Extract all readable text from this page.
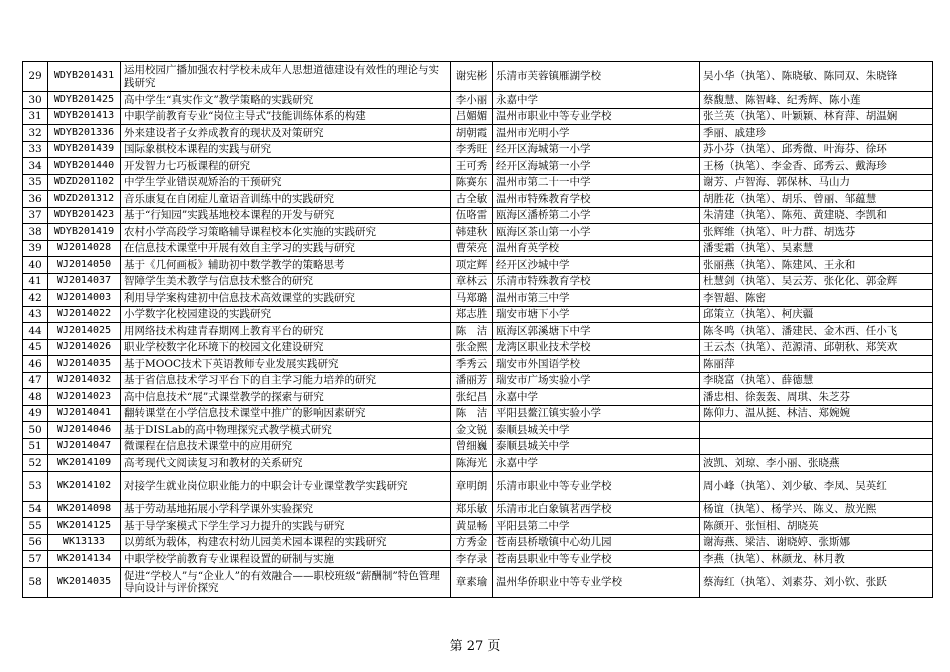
29	WDYB201431	运用校园广播加强农村学校未成年人思想道德建设有效性的理论与实践研究	谢宪彬	乐清市芙蓉镇雁湖学校	吴小华（执笔）、陈晓敏、陈同双、朱晓锋
30	WDYB201425	高中学生“真实作文”教学策略的实践研究	李小丽	永嘉中学	蔡馥慧、陈智峰、纪秀辉、陈小莲
31	WDYB201413	中职学前教育专业“岗位主导式”技能训练体系的构建	吕媚媚	温州市职业中等专业学校	张兰英（执笔）、叶颖颖、林育萍、胡温娴
32	WDYB201336	外来建设者子女养成教育的现状及对策研究	胡朝霞	温州市光明小学	季丽、戚建珍
33	WDYB201439	国际象棋校本课程的实践与研究	李秀旺	经开区海城第一小学	苏小芬（执笔）、邱秀微、叶海芬、徐环
34	WDYB201440	开发智力七巧板课程的研究	王可秀	经开区海城第一小学	王杨（执笔）、李金香、邱秀云、戴海珍
35	WDZD201102	中学生学业错误观矫治的干预研究	陈赛东	温州市第二十一中学	谢芳、卢智海、郭保林、马山力
36	WDZD201312	音乐康复在自闭症儿童语音训练中的实践研究	古全敏	温州市特殊教育学校	胡胜花（执笔）、胡乐、曾丽、邹蕴慧
37	WDYB201423	基于“行知园”实践基地校本课程的开发与研究	伍咯雷	瓯海区潘桥第二小学	朱清建（执笔）、陈苑、黄建晓、李凯和
38	WDYB201419	农村小学高段学习策略辅导课程校本化实施的实践研究	韩建秋	瓯海区茶山第一小学	张辉维（执笔）、叶力群、胡选芬
39	WJ2014028	在信息技术课堂中开展有效自主学习的实践与研究	曹荣亮	温州育英学校	潘雯霜（执笔）、吴素慧
40	WJ2014050	基于《几何画板》辅助初中数学教学的策略思考	项定辉	经开区沙城中学	张丽燕（执笔）、陈建风、王永和
41	WJ2014037	智障学生美术教学与信息技术整合的研究	章林云	乐清市特殊教育学校	杜慧剑（执笔）、吴云芳、张化化、郭金辉
42	WJ2014003	利用导学案构建初中信息技术高效课堂的实践研究	马郑璐	温州市第三中学	李智超、陈密
43	WJ2014022	小学数字化校园建设的实践研究	郑志胜	瑞安市塘下小学	邱策立（执笔）、柯庆疆
44	WJ2014025	用网络技术构建青春期网上教育平台的研究	陈　洁	瓯海区郭溪塘下中学	陈冬鸣（执笔）、潘建民、金木西、任小飞
45	WJ2014026	职业学校数字化环境下的校园文化建设研究	张金熙	龙湾区职业技术学校	王云杰（执笔）、范源清、邱朝秋、郑笑欢
46	WJ2014035	基于MOOC技术下英语教师专业发展实践研究	季秀云	瑞安市外国语学校	陈丽萍
47	WJ2014032	基于省信息技术学习平台下的自主学习能力培养的研究	潘丽芳	瑞安市广场实验小学	李晓富（执笔）、薛德慧
48	WJ2014023	高中信息技术“展”式课堂教学的探索与研究	张纪昌	永嘉中学	潘忠相、徐轰轰、周琪、朱芝芬
49	WJ2014041	翻转课堂在小学信息技术课堂中推广的影响因素研究	陈　洁	平阳县鳌江镇实验小学	陈仰力、温从挺、林洁、郑婉婉
50	WJ2014046	基于DISLab的高中物理探究式教学模式研究	金文锐	泰顺县城关中学	
51	WJ2014047	微课程在信息技术课堂中的应用研究	曾细巍	泰顺县城关中学	
52	WK2014109	高考现代文阅读复习和教材的关系研究	陈海光	永嘉中学	波凯、刘琼、李小丽、张晓燕
53	WK2014102	对接学生就业岗位职业能力的中职会计专业课堂教学实践研究	章明朗	乐清市职业中等专业学校	周小峰（执笔）、刘少敏、李凤、吴英红
54	WK2014098	基于劳动基地拓展小学科学课外实验探究	郑乐敏	乐清市北白象镇茗西学校	杨谊（执笔）、杨学兴、陈义、敖光熙
55	WK2014125	基于导学案模式下学生学习力提升的实践与研究	黄显畅	平阳县第二中学	陈颜开、张恒相、胡晓英
56	WK13133	以剪纸为载体，构建农村幼儿园美术园本课程的实践研究	方秀金	苍南县桥墩镇中心幼儿园	谢海燕、梁洁、谢晓婷、张斯娜
57	WK2014134	中职学校学前教育专业课程设置的研制与实施	李存录	苍南县职业中等专业学校	李燕（执笔）、林颜龙、林月教
58	WK2014035	促进“学校人”与“企业人”的有效融合——职校班级“薪酬制”特色管理导向设计与评价探究	章素瑜	温州华侨职业中等专业学校	蔡海红（执笔）、刘素芬、刘小钦、张跃
第 27 页
